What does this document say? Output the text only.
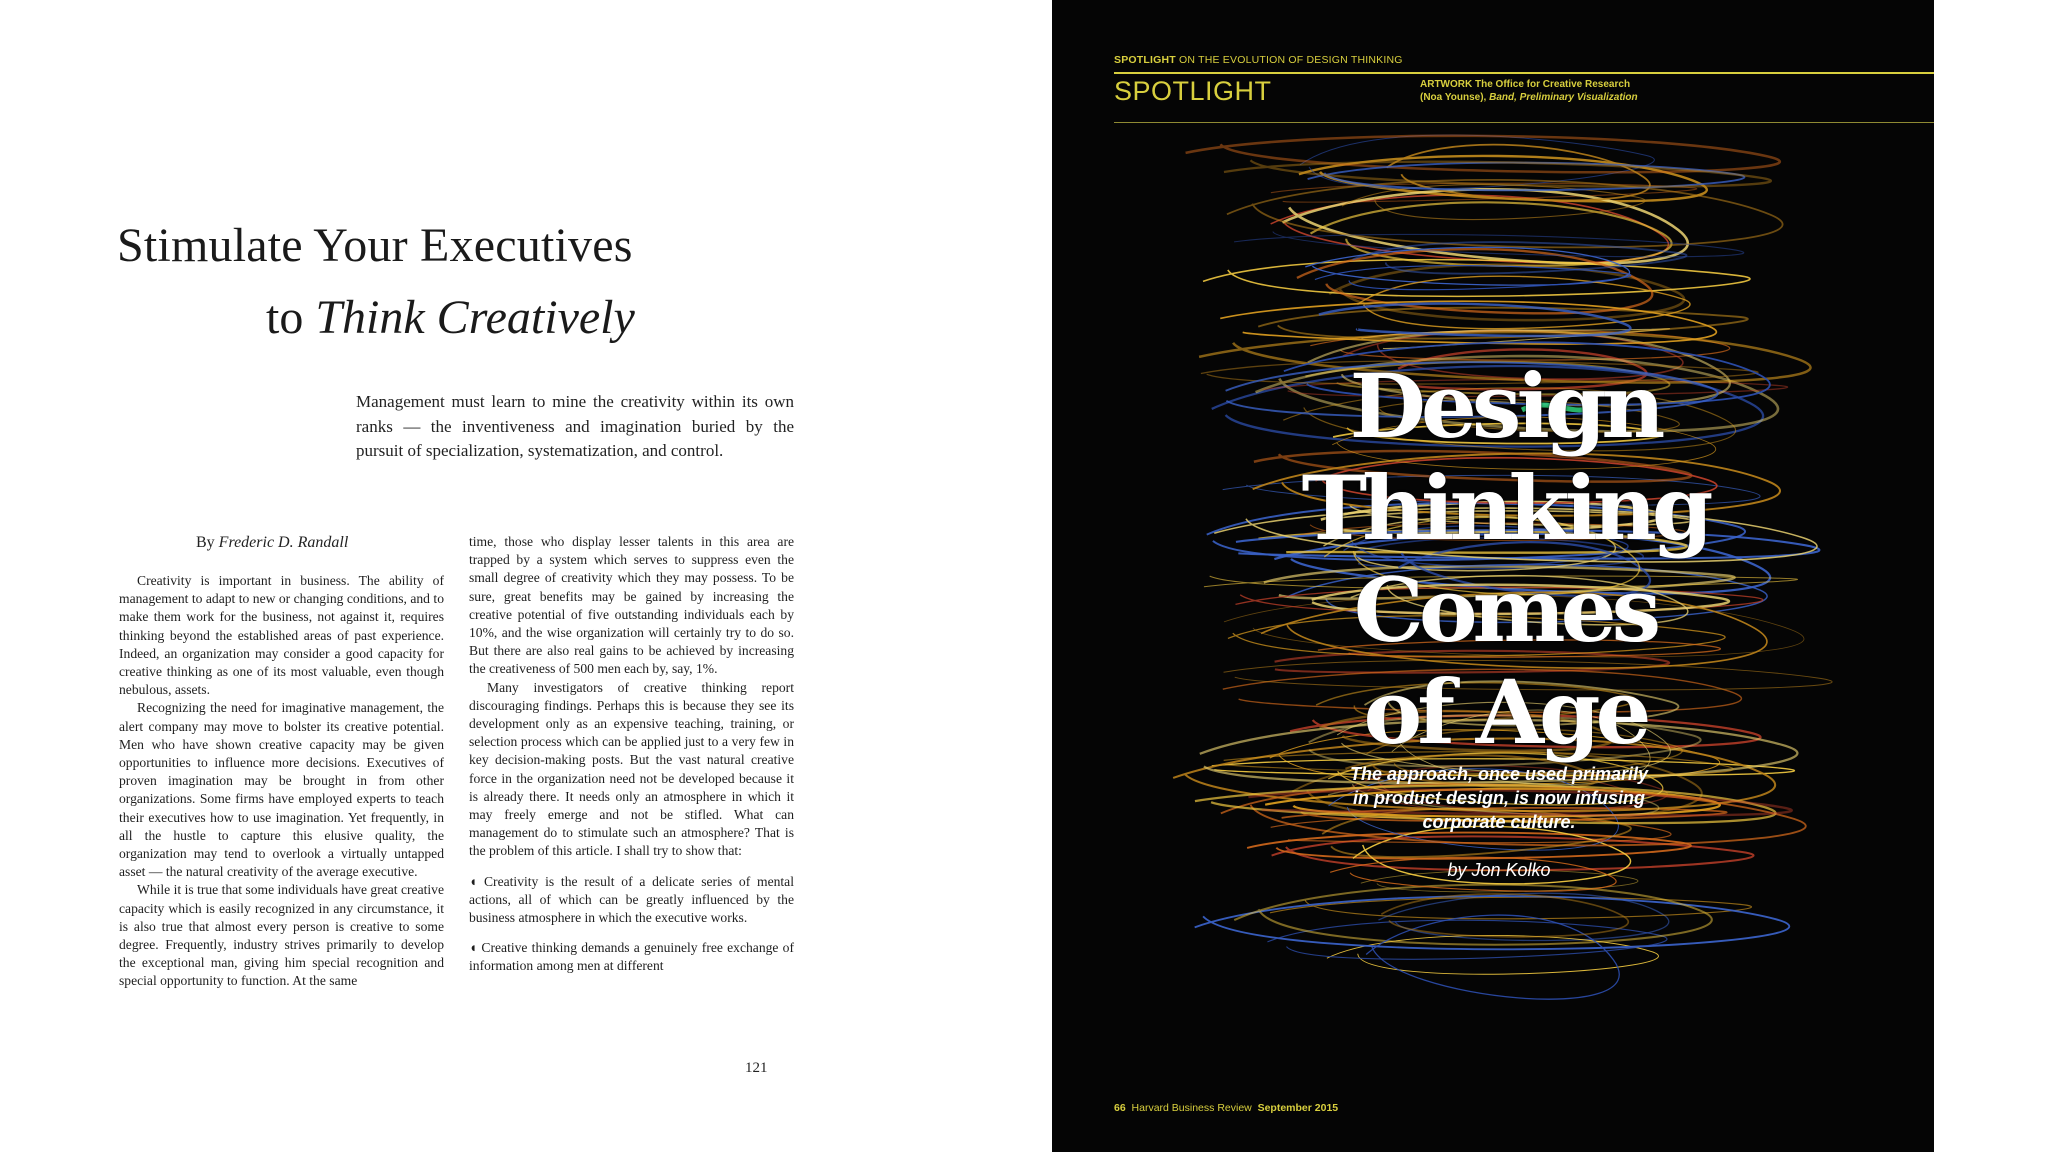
Stimulate Your Executives
to Think Creatively
Management must learn to mine the creativity within its own ranks — the inventiveness and imagination buried by the pursuit of specialization, systematization, and control.
By Frederic D. Randall

Creativity is important in business. The ability of management to adapt to new or changing conditions, and to make them work for the business, not against it, requires thinking beyond the established areas of past experience. Indeed, an organization may consider a good capacity for creative thinking as one of its most valuable, even though nebulous, assets.

Recognizing the need for imaginative management, the alert company may move to bolster its creative potential. Men who have shown creative capacity may be given opportunities to influence more decisions. Executives of proven imagination may be brought in from other organizations. Some firms have employed experts to teach their executives how to use imagination. Yet frequently, in all the hustle to capture this elusive quality, the organization may tend to overlook a virtually untapped asset — the natural creativity of the average executive.

While it is true that some individuals have great creative capacity which is easily recognized in any circumstance, it is also true that almost every person is creative to some degree. Frequently, industry strives primarily to develop the exceptional man, giving him special recognition and special opportunity to function. At the same

time, those who display lesser talents in this area are trapped by a system which serves to suppress even the small degree of creativity which they may possess. To be sure, great benefits may be gained by increasing the creative potential of five outstanding individuals each by 10%, and the wise organization will certainly try to do so. But there are also real gains to be achieved by increasing the creativeness of 500 men each by, say, 1%.

Many investigators of creative thinking report discouraging findings. Perhaps this is because they see its development only as an expensive teaching, training, or selection process which can be applied just to a very few in key decision-making posts. But the vast natural creative force in the organization need not be developed because it is already there. It needs only an atmosphere in which it may freely emerge and not be stifled. What can management do to stimulate such an atmosphere? That is the problem of this article. I shall try to show that:

◖ Creativity is the result of a delicate series of mental actions, all of which can be greatly influenced by the business atmosphere in which the executive works.

◖ Creative thinking demands a genuinely free exchange of information among men at different

121
SPOTLIGHT ON THE EVOLUTION OF DESIGN THINKING
SPOTLIGHT	ARTWORK The Office for Creative Research
(Noa Younse), Band, Preliminary Visualization
Design
Thinking
Comes
of Age
The approach, once used primarily in product design, is now infusing corporate culture.
by Jon Kolko
66 Harvard Business Review September 2015
